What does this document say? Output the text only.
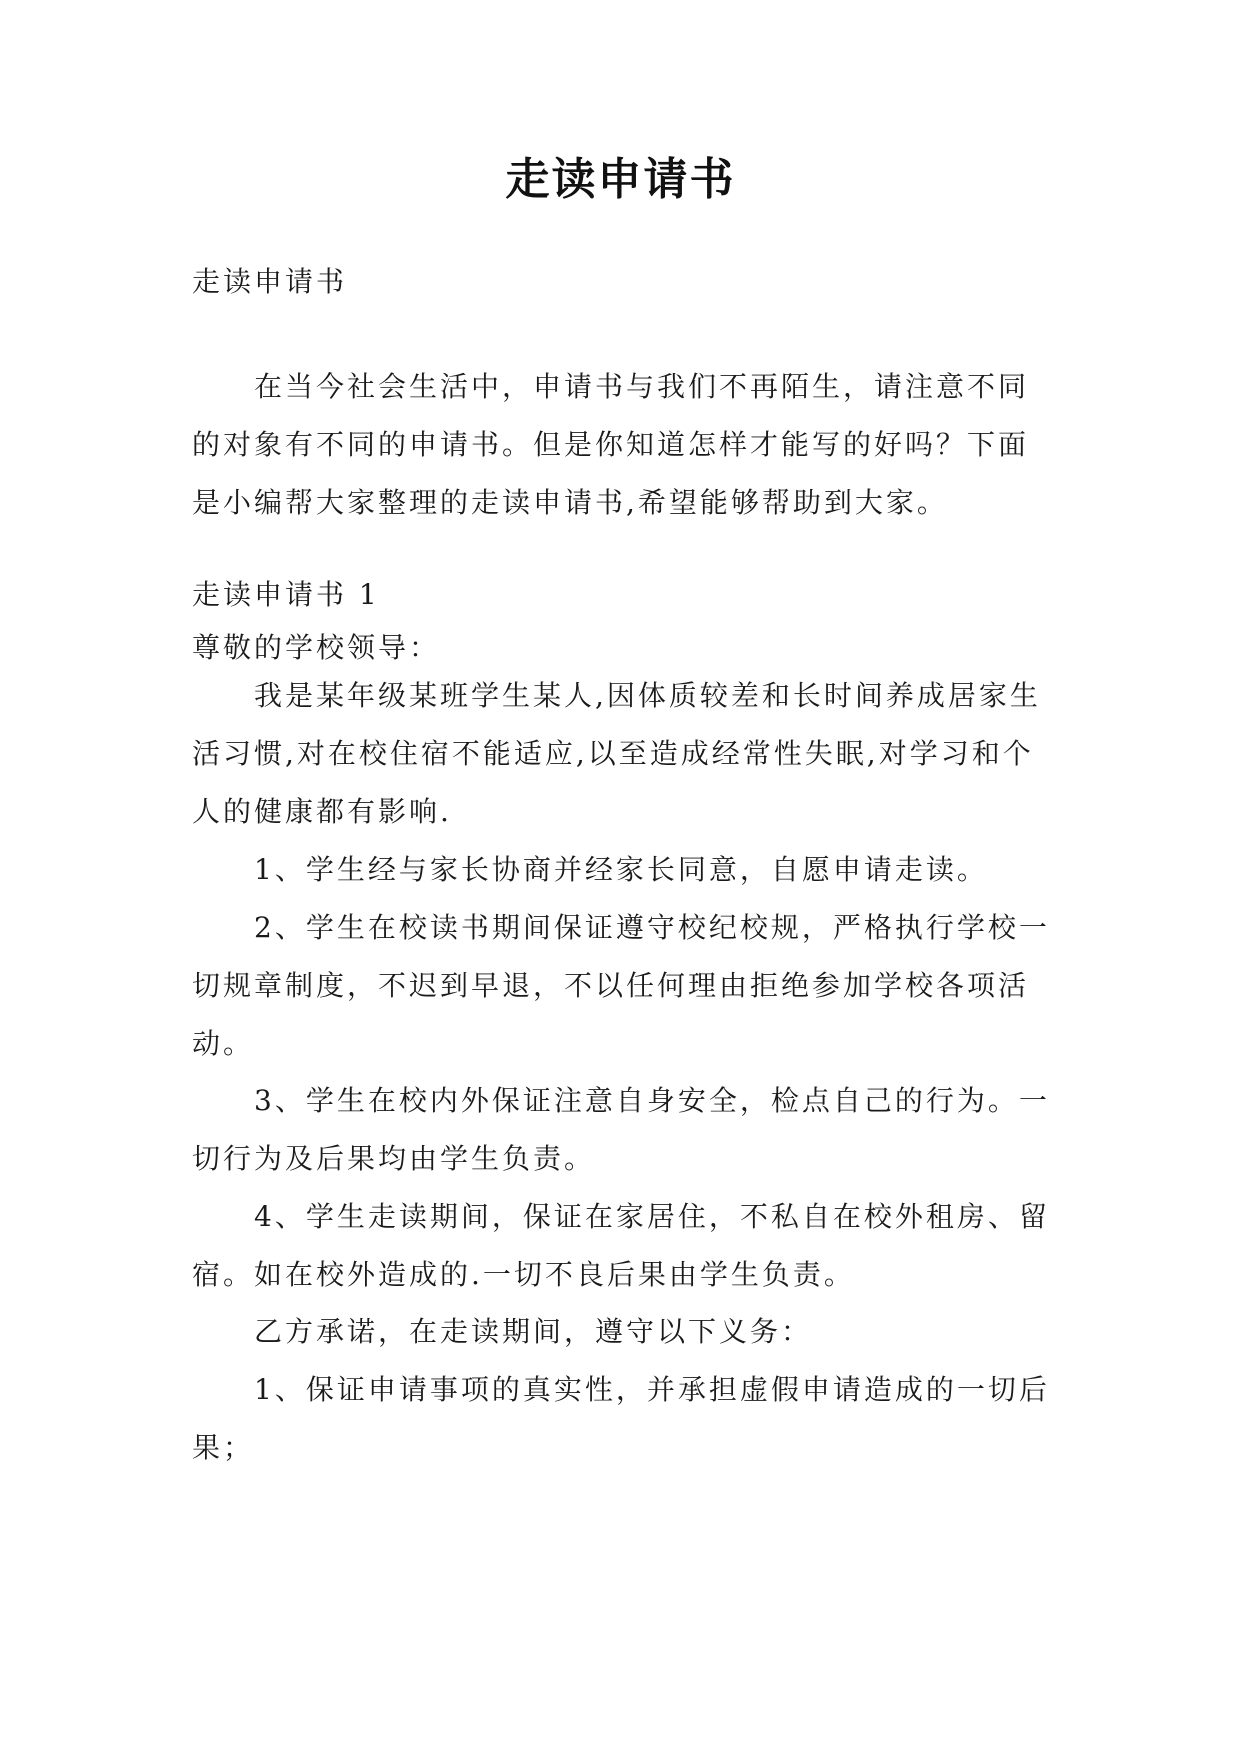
走读申请书

走读申请书

在当今社会生活中，申请书与我们不再陌生，请注意不同的对象有不同的申请书。但是你知道怎样才能写的好吗？下面是小编帮大家整理的走读申请书,希望能够帮助到大家。

走读申请书 1

尊敬的学校领导：

我是某年级某班学生某人,因体质较差和长时间养成居家生活习惯,对在校住宿不能适应,以至造成经常性失眠,对学习和个人的健康都有影响.

1、学生经与家长协商并经家长同意，自愿申请走读。

2、学生在校读书期间保证遵守校纪校规，严格执行学校一切规章制度，不迟到早退，不以任何理由拒绝参加学校各项活动。

3、学生在校内外保证注意自身安全，检点自己的行为。一切行为及后果均由学生负责。

4、学生走读期间，保证在家居住，不私自在校外租房、留宿。如在校外造成的.一切不良后果由学生负责。

乙方承诺，在走读期间，遵守以下义务：

1、保证申请事项的真实性，并承担虚假申请造成的一切后果；
